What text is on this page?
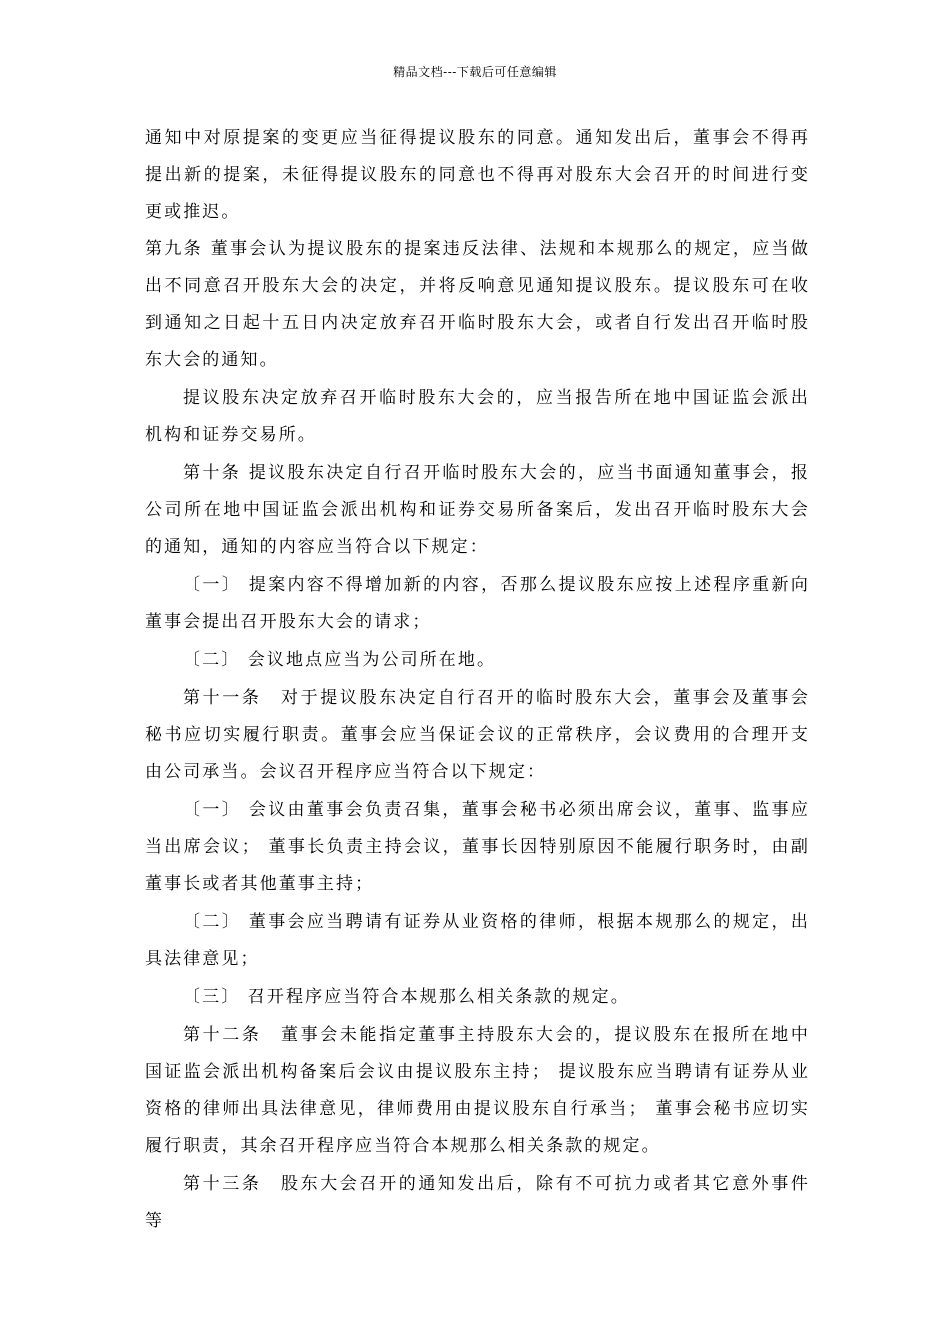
精品文档---下载后可任意编辑

通知中对原提案的变更应当征得提议股东的同意。通知发出后，董事会不得再提出新的提案，未征得提议股东的同意也不得再对股东大会召开的时间进行变更或推迟。

第九条 董事会认为提议股东的提案违反法律、法规和本规那么的规定，应当做出不同意召开股东大会的决定，并将反响意见通知提议股东。提议股东可在收到通知之日起十五日内决定放弃召开临时股东大会，或者自行发出召开临时股东大会的通知。

提议股东决定放弃召开临时股东大会的，应当报告所在地中国证监会派出机构和证券交易所。

第十条 提议股东决定自行召开临时股东大会的，应当书面通知董事会，报公司所在地中国证监会派出机构和证券交易所备案后，发出召开临时股东大会的通知，通知的内容应当符合以下规定：

〔一〕 提案内容不得增加新的内容，否那么提议股东应按上述程序重新向董事会提出召开股东大会的请求；

〔二〕 会议地点应当为公司所在地。

第十一条　对于提议股东决定自行召开的临时股东大会，董事会及董事会秘书应切实履行职责。董事会应当保证会议的正常秩序，会议费用的合理开支由公司承当。会议召开程序应当符合以下规定：

〔一〕 会议由董事会负责召集，董事会秘书必须出席会议，董事、监事应当出席会议； 董事长负责主持会议，董事长因特别原因不能履行职务时，由副董事长或者其他董事主持；

〔二〕 董事会应当聘请有证券从业资格的律师，根据本规那么的规定，出具法律意见；

〔三〕 召开程序应当符合本规那么相关条款的规定。

第十二条　董事会未能指定董事主持股东大会的，提议股东在报所在地中国证监会派出机构备案后会议由提议股东主持； 提议股东应当聘请有证券从业资格的律师出具法律意见，律师费用由提议股东自行承当； 董事会秘书应切实履行职责，其余召开程序应当符合本规那么相关条款的规定。

第十三条　股东大会召开的通知发出后，除有不可抗力或者其它意外事件等
